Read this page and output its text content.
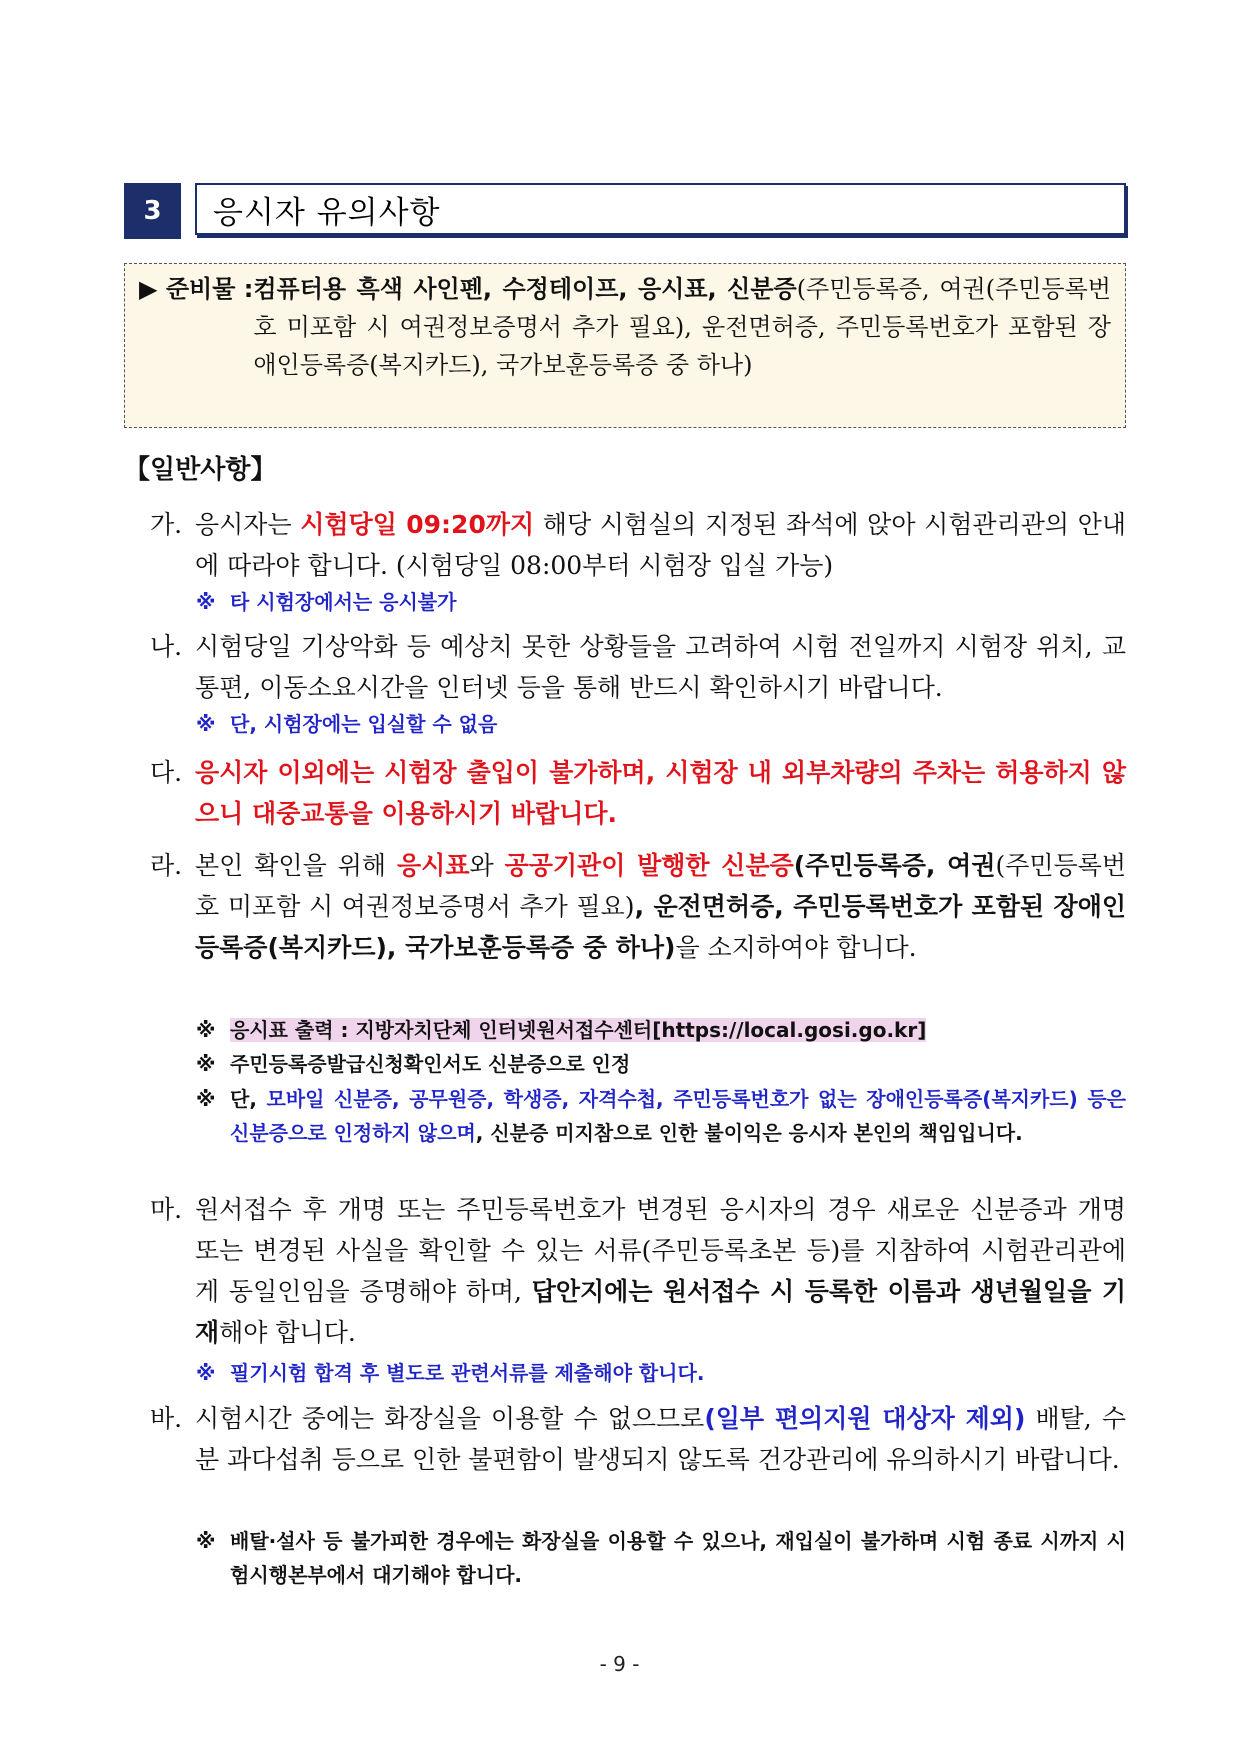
3	응시자 유의사항
▶ 준비물 : 컴퓨터용 흑색 사인펜, 수정테이프, 응시표, 신분증(주민등록증, 여권(주민등록번호 미포함 시 여권정보증명서 추가 필요), 운전면허증, 주민등록번호가 포함된 장애인등록증(복지카드), 국가보훈등록증 중 하나)
【일반사항】
가. 응시자는 시험당일 09:20까지 해당 시험실의 지정된 좌석에 앉아 시험관리관의 안내에 따라야 합니다. (시험당일 08:00부터 시험장 입실 가능)
※ 타 시험장에서는 응시불가
나. 시험당일 기상악화 등 예상치 못한 상황들을 고려하여 시험 전일까지 시험장 위치, 교통편, 이동소요시간을 인터넷 등을 통해 반드시 확인하시기 바랍니다.
※ 단, 시험장에는 입실할 수 없음
다. 응시자 이외에는 시험장 출입이 불가하며, 시험장 내 외부차량의 주차는 허용하지 않으니 대중교통을 이용하시기 바랍니다.
라. 본인 확인을 위해 응시표와 공공기관이 발행한 신분증(주민등록증, 여권(주민등록번호 미포함 시 여권정보증명서 추가 필요), 운전면허증, 주민등록번호가 포함된 장애인등록증(복지카드), 국가보훈등록증 중 하나)을 소지하여야 합니다.
※ 응시표 출력 : 지방자치단체 인터넷원서접수센터[https://local.gosi.go.kr]
※ 주민등록증발급신청확인서도 신분증으로 인정
※ 단, 모바일 신분증, 공무원증, 학생증, 자격수첩, 주민등록번호가 없는 장애인등록증(복지카드) 등은 신분증으로 인정하지 않으며, 신분증 미지참으로 인한 불이익은 응시자 본인의 책임입니다.
마. 원서접수 후 개명 또는 주민등록번호가 변경된 응시자의 경우 새로운 신분증과 개명 또는 변경된 사실을 확인할 수 있는 서류(주민등록초본 등)를 지참하여 시험관리관에게 동일인임을 증명해야 하며, 답안지에는 원서접수 시 등록한 이름과 생년월일을 기재해야 합니다.
※ 필기시험 합격 후 별도로 관련서류를 제출해야 합니다.
바. 시험시간 중에는 화장실을 이용할 수 없으므로(일부 편의지원 대상자 제외) 배탈, 수분 과다섭취 등으로 인한 불편함이 발생되지 않도록 건강관리에 유의하시기 바랍니다.
※ 배탈·설사 등 불가피한 경우에는 화장실을 이용할 수 있으나, 재입실이 불가하며 시험 종료 시까지 시험시행본부에서 대기해야 합니다.
- 9 -
